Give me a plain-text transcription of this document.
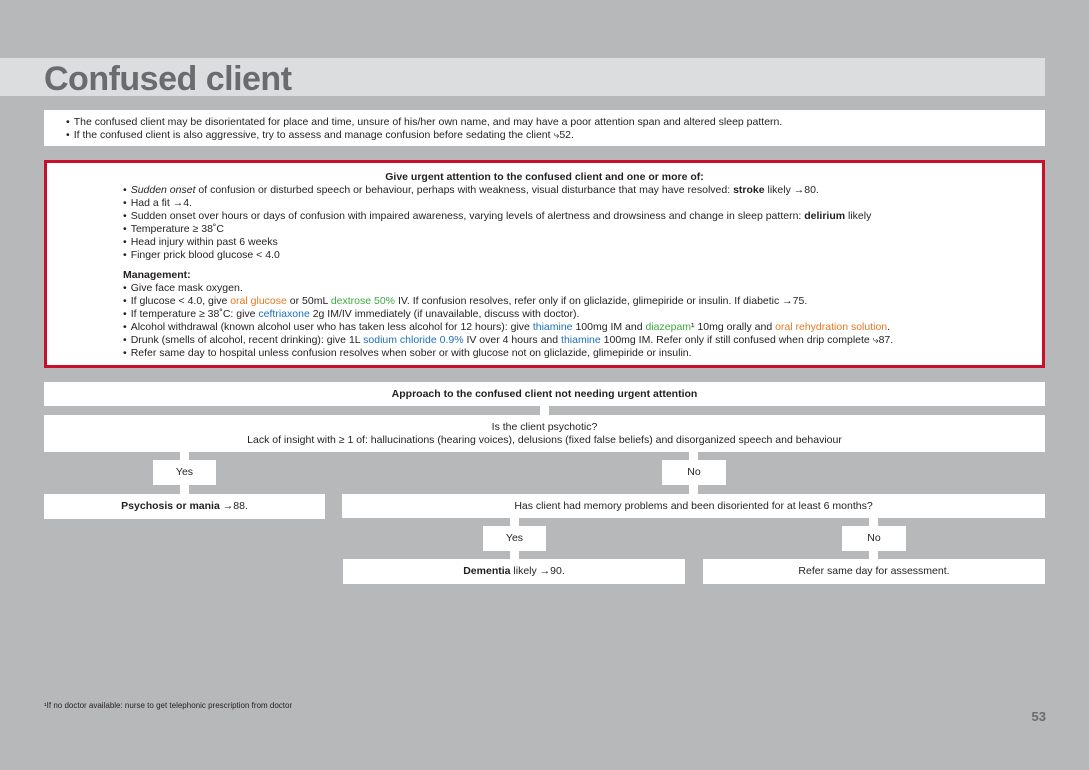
Confused client
• The confused client may be disorientated for place and time, unsure of his/her own name, and may have a poor attention span and altered sleep pattern.
• If the confused client is also aggressive, try to assess and manage confusion before sedating the client ⤷52.
Give urgent attention to the confused client and one or more of:
• Sudden onset of confusion or disturbed speech or behaviour, perhaps with weakness, visual disturbance that may have resolved: stroke likely →80.
• Had a fit →4.
• Sudden onset over hours or days of confusion with impaired awareness, varying levels of alertness and drowsiness and change in sleep pattern: delirium likely
• Temperature ≥ 38˚C
• Head injury within past 6 weeks
• Finger prick blood glucose < 4.0
Management:
• Give face mask oxygen.
• If glucose < 4.0, give oral glucose or 50mL dextrose 50% IV. If confusion resolves, refer only if on gliclazide, glimepiride or insulin. If diabetic →75.
• If temperature ≥ 38˚C: give ceftriaxone 2g IM/IV immediately (if unavailable, discuss with doctor).
• Alcohol withdrawal (known alcohol user who has taken less alcohol for 12 hours): give thiamine 100mg IM and diazepam¹ 10mg orally and oral rehydration solution.
• Drunk (smells of alcohol, recent drinking): give 1L sodium chloride 0.9% IV over 4 hours and thiamine 100mg IM. Refer only if still confused when drip complete ⤷87.
• Refer same day to hospital unless confusion resolves when sober or with glucose not on gliclazide, glimepiride or insulin.
Approach to the confused client not needing urgent attention
Is the client psychotic?
Lack of insight with ≥ 1 of: hallucinations (hearing voices), delusions (fixed false beliefs) and disorganized speech and behaviour
Yes	No
Psychosis or mania →88.	Has client had memory problems and been disoriented for at least 6 months?
Yes	No
Dementia likely →90.	Refer same day for assessment.
¹If no doctor available: nurse to get telephonic prescription from doctor
53
